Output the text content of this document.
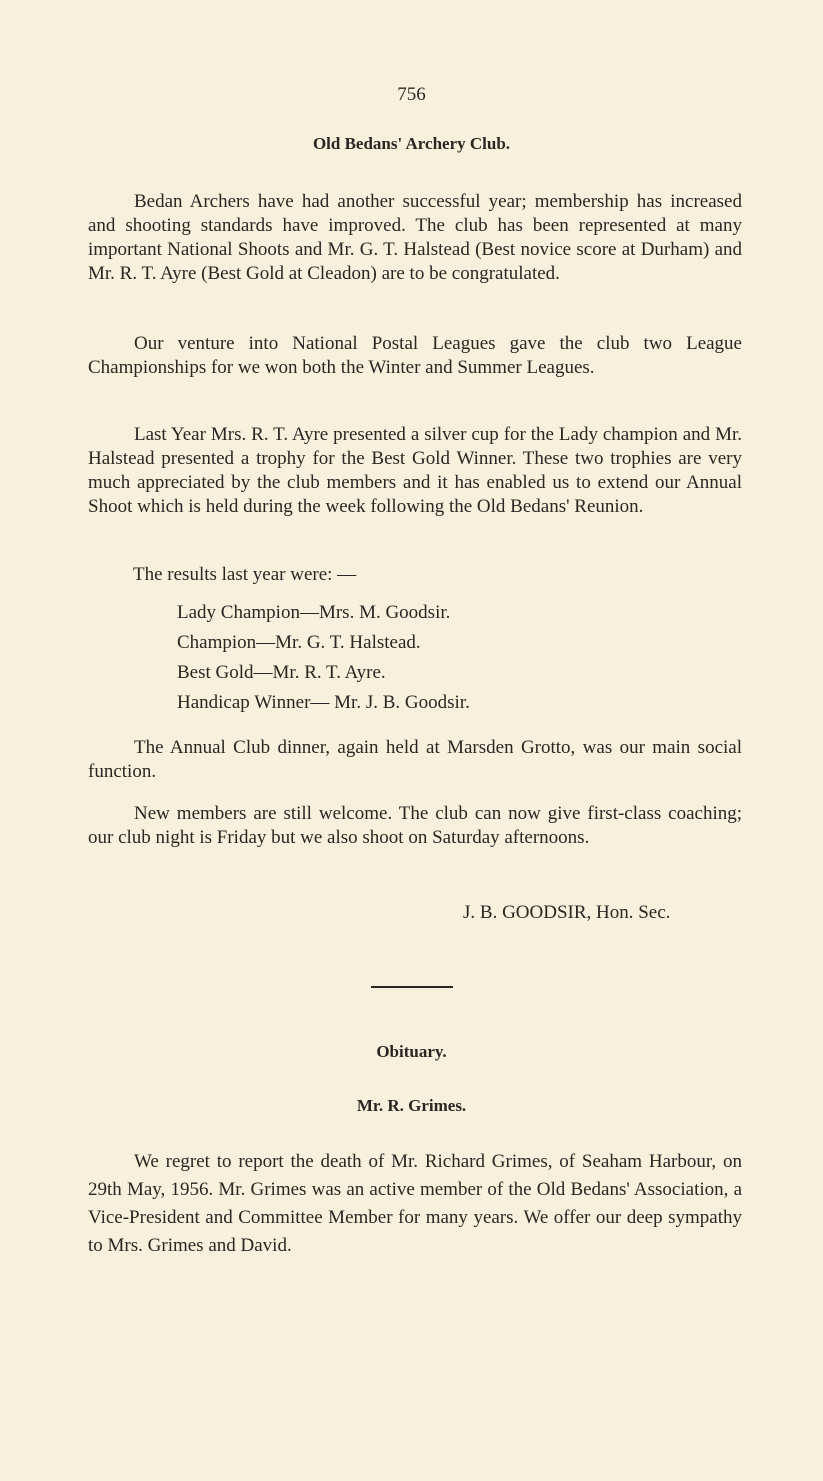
756
Old Bedans' Archery Club.

Bedan Archers have had another successful year; membership has increased and shooting standards have improved. The club has been represented at many important National Shoots and Mr. G. T. Halstead (Best novice score at Durham) and Mr. R. T. Ayre (Best Gold at Cleadon) are to be congratulated.

Our venture into National Postal Leagues gave the club two League Championships for we won both the Winter and Summer Leagues.

Last Year Mrs. R. T. Ayre presented a silver cup for the Lady champion and Mr. Halstead presented a trophy for the Best Gold Winner. These two trophies are very much appreciated by the club members and it has enabled us to extend our Annual Shoot which is held during the week following the Old Bedans' Reunion.

The results last year were: —
Lady Champion—Mrs. M. Goodsir.
Champion—Mr. G. T. Halstead.
Best Gold—Mr. R. T. Ayre.
Handicap Winner— Mr. J. B. Goodsir.

The Annual Club dinner, again held at Marsden Grotto, was our main social function.

New members are still welcome. The club can now give first-class coaching; our club night is Friday but we also shoot on Saturday afternoons.

J. B. GOODSIR, Hon. Sec.
Obituary.
Mr. R. Grimes.

We regret to report the death of Mr. Richard Grimes, of Seaham Harbour, on 29th May, 1956. Mr. Grimes was an active member of the Old Bedans' Association, a Vice-President and Committee Member for many years. We offer our deep sympathy to Mrs. Grimes and David.
